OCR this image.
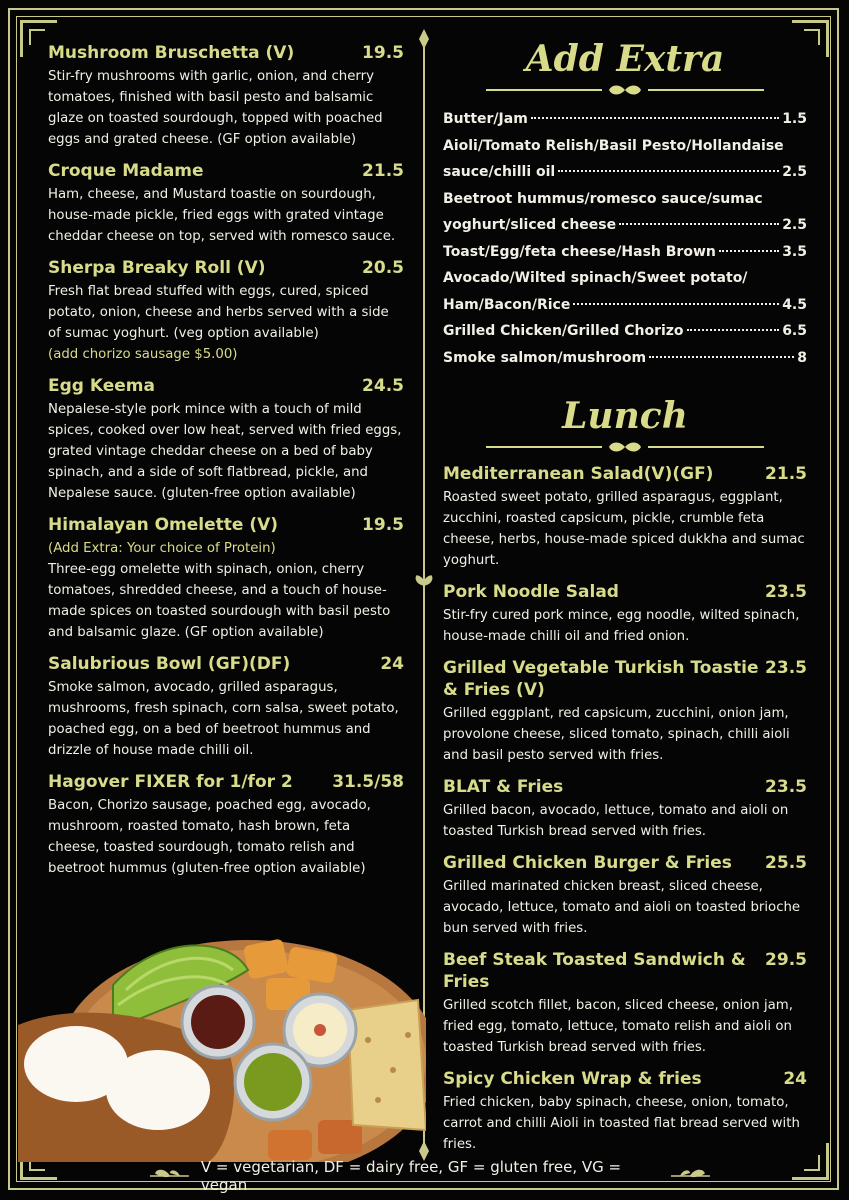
Mushroom Bruschetta (V)	19.5
Stir-fry mushrooms with garlic, onion, and cherry tomatoes, finished with basil pesto and balsamic glaze on toasted sourdough, topped with poached eggs and grated cheese. (GF option available)
Croque Madame	21.5
Ham, cheese, and Mustard toastie on sourdough, house-made pickle, fried eggs with grated vintage cheddar cheese on top, served with romesco sauce.
Sherpa Breaky Roll (V)	20.5
Fresh flat bread stuffed with eggs, cured, spiced potato, onion, cheese and herbs served with a side of sumac yoghurt. (veg option available)
(add chorizo sausage $5.00)
Egg Keema	24.5
Nepalese-style pork mince with a touch of mild spices, cooked over low heat, served with fried eggs, grated vintage cheddar cheese on a bed of baby spinach, and a side of soft flatbread, pickle, and Nepalese sauce. (gluten-free option available)
Himalayan Omelette (V)	19.5
(Add Extra: Your choice of Protein)
Three-egg omelette with spinach, onion, cherry tomatoes, shredded cheese, and a touch of house-made spices on toasted sourdough with basil pesto and balsamic glaze. (GF option available)
Salubrious Bowl (GF)(DF)	24
Smoke salmon, avocado, grilled asparagus, mushrooms, fresh spinach, corn salsa, sweet potato, poached egg, on a bed of beetroot hummus and drizzle of house made chilli oil.
Hagover FIXER for 1/for 2 31.5/58
Bacon, Chorizo sausage, poached egg, avocado, mushroom, roasted tomato, hash brown, feta cheese, toasted sourdough, tomato relish and beetroot hummus (gluten-free option available)
Add Extra
Butter/Jam	1.5
Aioli/Tomato Relish/Basil Pesto/Hollandaise
sauce/chilli oil	2.5
Beetroot hummus/romesco sauce/sumac
yoghurt/sliced cheese	2.5
Toast/Egg/feta cheese/Hash Brown	3.5
Avocado/Wilted spinach/Sweet potato/
Ham/Bacon/Rice	4.5
Grilled Chicken/Grilled Chorizo	6.5
Smoke salmon/mushroom	8
Lunch
Mediterranean Salad(V)(GF)	21.5
Roasted sweet potato, grilled asparagus, eggplant, zucchini, roasted capsicum, pickle, crumble feta cheese, herbs, house-made spiced dukkha and sumac yoghurt.
Pork Noodle Salad	23.5
Stir-fry cured pork mince, egg noodle, wilted spinach, house-made chilli oil and fried onion.
Grilled Vegetable Turkish Toastie & Fries (V)
23.5
Grilled eggplant, red capsicum, zucchini, onion jam, provolone cheese, sliced tomato, spinach, chilli aioli and basil pesto served with fries.
BLAT & Fries	23.5
Grilled bacon, avocado, lettuce, tomato and aioli on toasted Turkish bread served with fries.
Grilled Chicken Burger & Fries 25.5
Grilled marinated chicken breast, sliced cheese, avocado, lettuce, tomato and aioli on toasted brioche bun served with fries.
Beef Steak Toasted Sandwich & Fries
29.5
Grilled scotch fillet, bacon, sliced cheese, onion jam, fried egg, tomato, lettuce, tomato relish and aioli on toasted Turkish bread served with fries.
Spicy Chicken Wrap & fries	24
Fried chicken, baby spinach, cheese, onion, tomato, carrot and chilli Aioli in toasted flat bread served with fries.
V = vegetarian, DF = dairy free, GF = gluten free, VG = vegan
